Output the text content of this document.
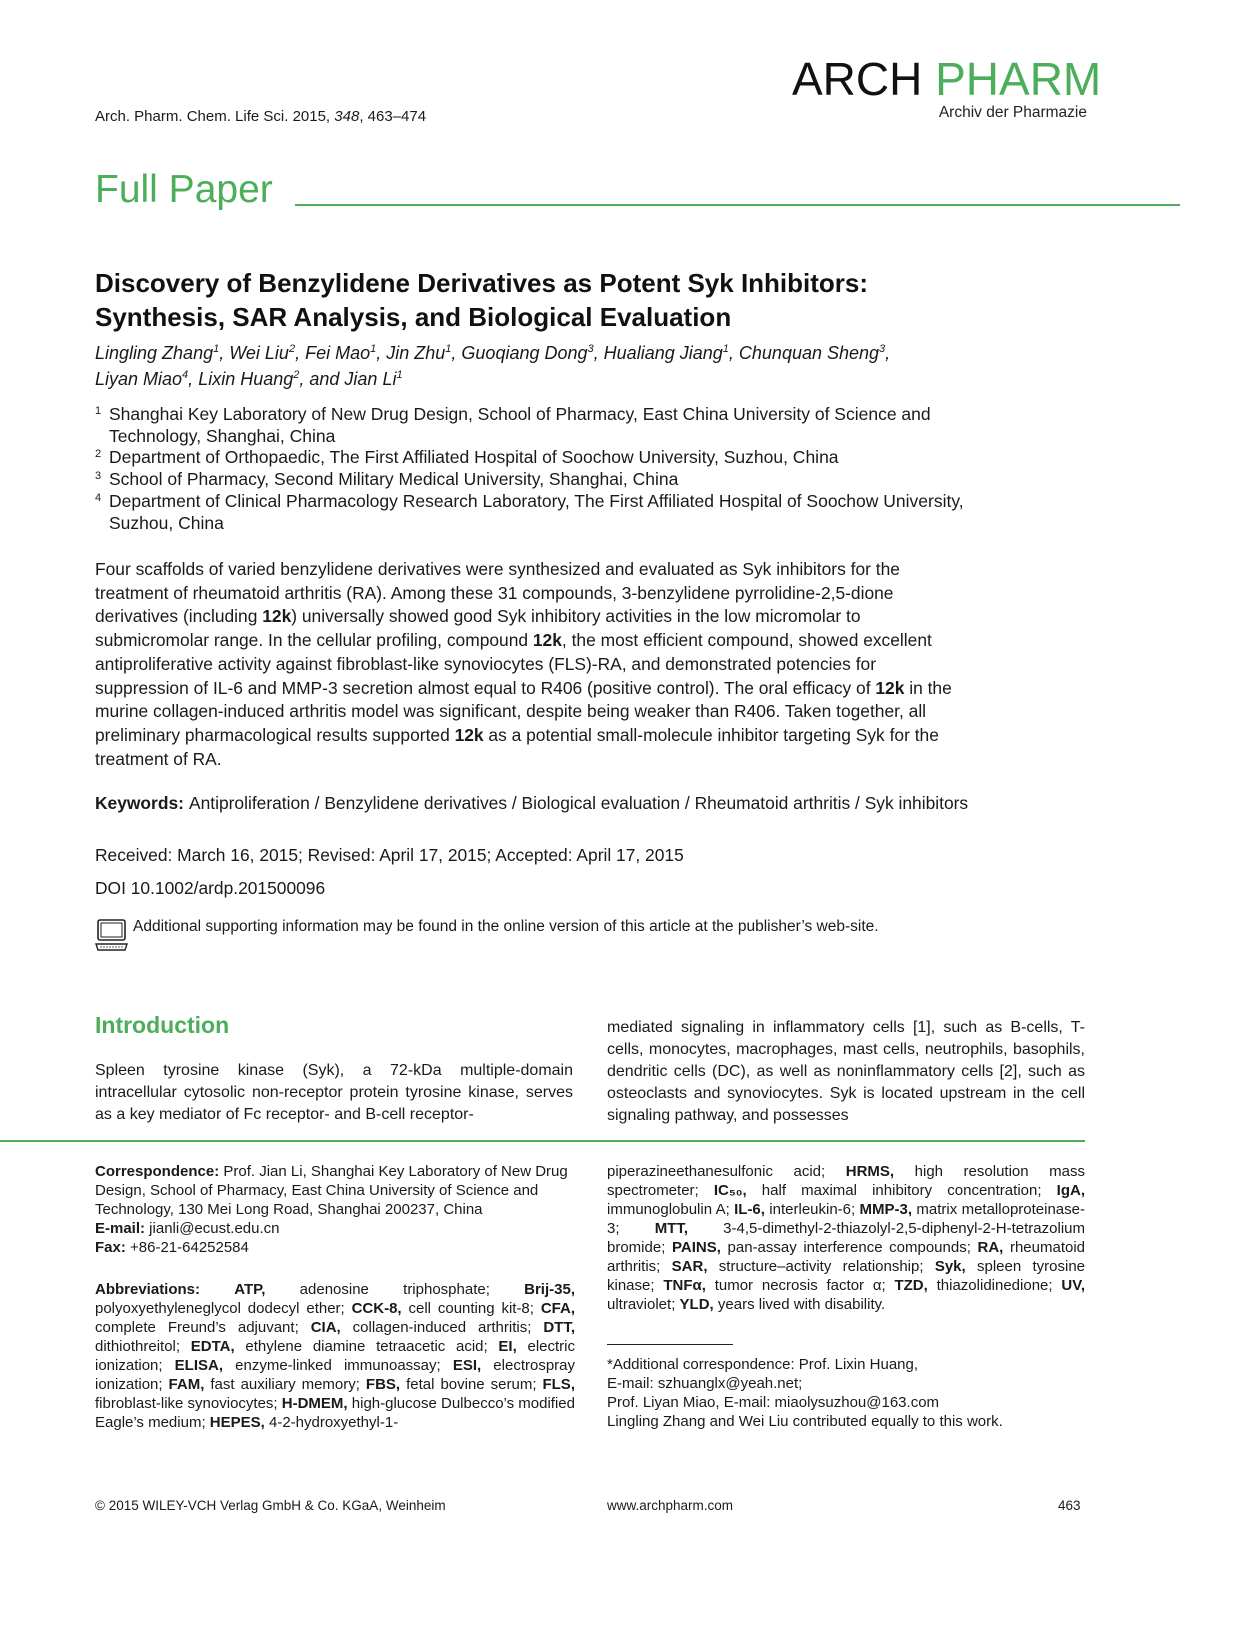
Arch. Pharm. Chem. Life Sci. 2015, 348, 463–474
ARCH PHARM
Archiv der Pharmazie
Full Paper
Discovery of Benzylidene Derivatives as Potent Syk Inhibitors: Synthesis, SAR Analysis, and Biological Evaluation
Lingling Zhang$^1$, Wei Liu$^2$, Fei Mao$^1$, Jin Zhu$^1$, Guoqiang Dong$^3$, Hualiang Jiang$^1$, Chunquan Sheng$^3$,
Liyan Miao$^4$, Lixin Huang$^2$, and Jian Li$^1$
1 Shanghai Key Laboratory of New Drug Design, School of Pharmacy, East China University of Science and Technology, Shanghai, China
2 Department of Orthopaedic, The First Affiliated Hospital of Soochow University, Suzhou, China
3 School of Pharmacy, Second Military Medical University, Shanghai, China
4 Department of Clinical Pharmacology Research Laboratory, The First Affiliated Hospital of Soochow University, Suzhou, China
Four scaffolds of varied benzylidene derivatives were synthesized and evaluated as Syk inhibitors for the treatment of rheumatoid arthritis (RA). Among these 31 compounds, 3-benzylidene pyrrolidine-2,5-dione derivatives (including 12k) universally showed good Syk inhibitory activities in the low micromolar to submicromolar range. In the cellular profiling, compound 12k, the most efficient compound, showed excellent antiproliferative activity against fibroblast-like synoviocytes (FLS)-RA, and demonstrated potencies for suppression of IL-6 and MMP-3 secretion almost equal to R406 (positive control). The oral efficacy of 12k in the murine collagen-induced arthritis model was significant, despite being weaker than R406. Taken together, all preliminary pharmacological results supported 12k as a potential small-molecule inhibitor targeting Syk for the treatment of RA.
Keywords: Antiproliferation / Benzylidene derivatives / Biological evaluation / Rheumatoid arthritis / Syk inhibitors
Received: March 16, 2015; Revised: April 17, 2015; Accepted: April 17, 2015
DOI 10.1002/ardp.201500096
Additional supporting information may be found in the online version of this article at the publisher’s web-site.
Introduction
Spleen tyrosine kinase (Syk), a 72-kDa multiple-domain intracellular cytosolic non-receptor protein tyrosine kinase, serves as a key mediator of Fc receptor- and B-cell receptor-
mediated signaling in inflammatory cells [1], such as B-cells, T-cells, monocytes, macrophages, mast cells, neutrophils, basophils, dendritic cells (DC), as well as noninflammatory cells [2], such as osteoclasts and synoviocytes. Syk is located upstream in the cell signaling pathway, and possesses
Correspondence: Prof. Jian Li, Shanghai Key Laboratory of New Drug Design, School of Pharmacy, East China University of Science and Technology, 130 Mei Long Road, Shanghai 200237, China
E-mail: jianli@ecust.edu.cn
Fax: +86-21-64252584
Abbreviations: ATP, adenosine triphosphate; Brij-35, polyoxyethyleneglycol dodecyl ether; CCK-8, cell counting kit-8; CFA, complete Freund’s adjuvant; CIA, collagen-induced arthritis; DTT, dithiothreitol; EDTA, ethylene diamine tetraacetic acid; EI, electric ionization; ELISA, enzyme-linked immunoassay; ESI, electrospray ionization; FAM, fast auxiliary memory; FBS, fetal bovine serum; FLS, fibroblast-like synoviocytes; H-DMEM, high-glucose Dulbecco’s modified Eagle’s medium; HEPES, 4-2-hydroxyethyl-1-
piperazineethanesulfonic acid; HRMS, high resolution mass spectrometer; IC₅₀, half maximal inhibitory concentration; IgA, immunoglobulin A; IL-6, interleukin-6; MMP-3, matrix metalloproteinase-3; MTT, 3-4,5-dimethyl-2-thiazolyl-2,5-diphenyl-2-H-tetrazolium bromide; PAINS, pan-assay interference compounds; RA, rheumatoid arthritis; SAR, structure–activity relationship; Syk, spleen tyrosine kinase; TNFα, tumor necrosis factor α; TZD, thiazolidinedione; UV, ultraviolet; YLD, years lived with disability.
*Additional correspondence: Prof. Lixin Huang,
E-mail: szhuanglx@yeah.net;
Prof. Liyan Miao, E-mail: miaolysuzhou@163.com
Lingling Zhang and Wei Liu contributed equally to this work.
© 2015 WILEY-VCH Verlag GmbH & Co. KGaA, Weinheim	www.archpharm.com	463
